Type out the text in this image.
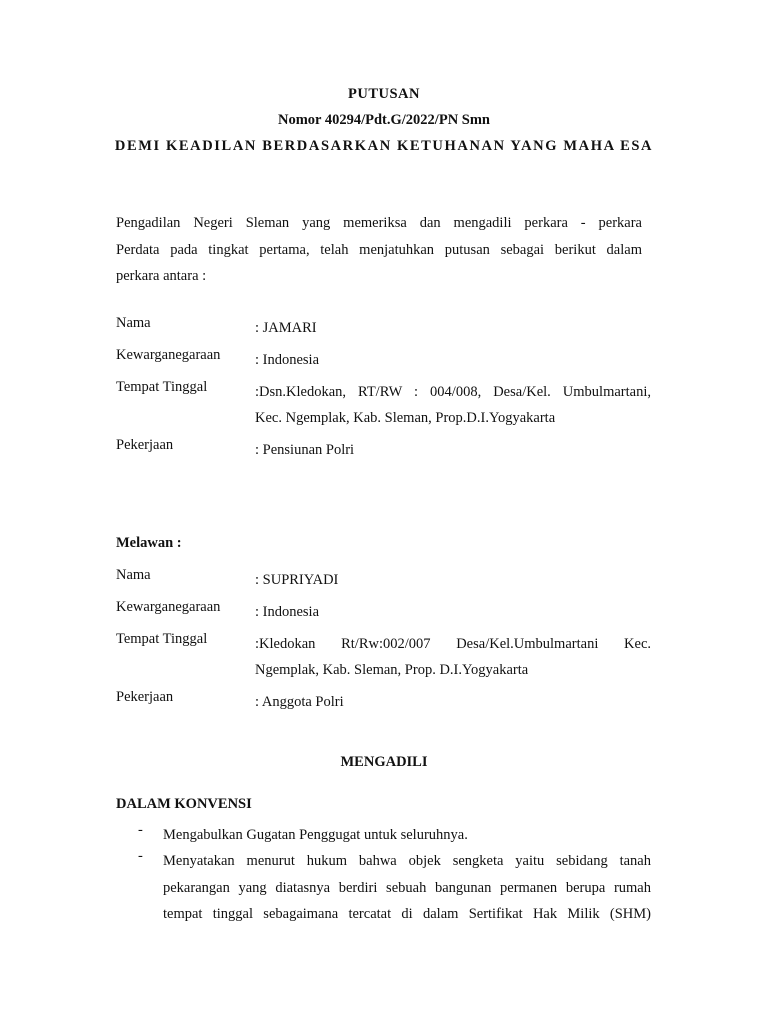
PUTUSAN
Nomor 40294/Pdt.G/2022/PN Smn
DEMI KEADILAN BERDASARKAN KETUHANAN YANG MAHA ESA
Pengadilan Negeri Sleman yang memeriksa dan mengadili perkara - perkara
Perdata pada tingkat pertama, telah menjatuhkan putusan sebagai berikut dalam
perkara antara :
Nama	: JAMARI
Kewarganegaraan : Indonesia
Tempat Tinggal	:Dsn.Kledokan, RT/RW : 004/008, Desa/Kel. Umbulmartani,
Kec. Ngemplak, Kab. Sleman, Prop.D.I.Yogyakarta
Pekerjaan	: Pensiunan Polri
Melawan :
Nama	: SUPRIYADI
Kewarganegaraan : Indonesia
Tempat Tinggal	:Kledokan Rt/Rw:002/007 Desa/Kel.Umbulmartani Kec.
Ngemplak, Kab. Sleman, Prop. D.I.Yogyakarta
Pekerjaan	: Anggota Polri
MENGADILI
DALAM KONVENSI
- Mengabulkan Gugatan Penggugat untuk seluruhnya.
- Menyatakan menurut hukum bahwa objek sengketa yaitu sebidang tanah
pekarangan yang diatasnya berdiri sebuah bangunan permanen berupa rumah
tempat tinggal sebagaimana tercatat di dalam Sertifikat Hak Milik (SHM)
